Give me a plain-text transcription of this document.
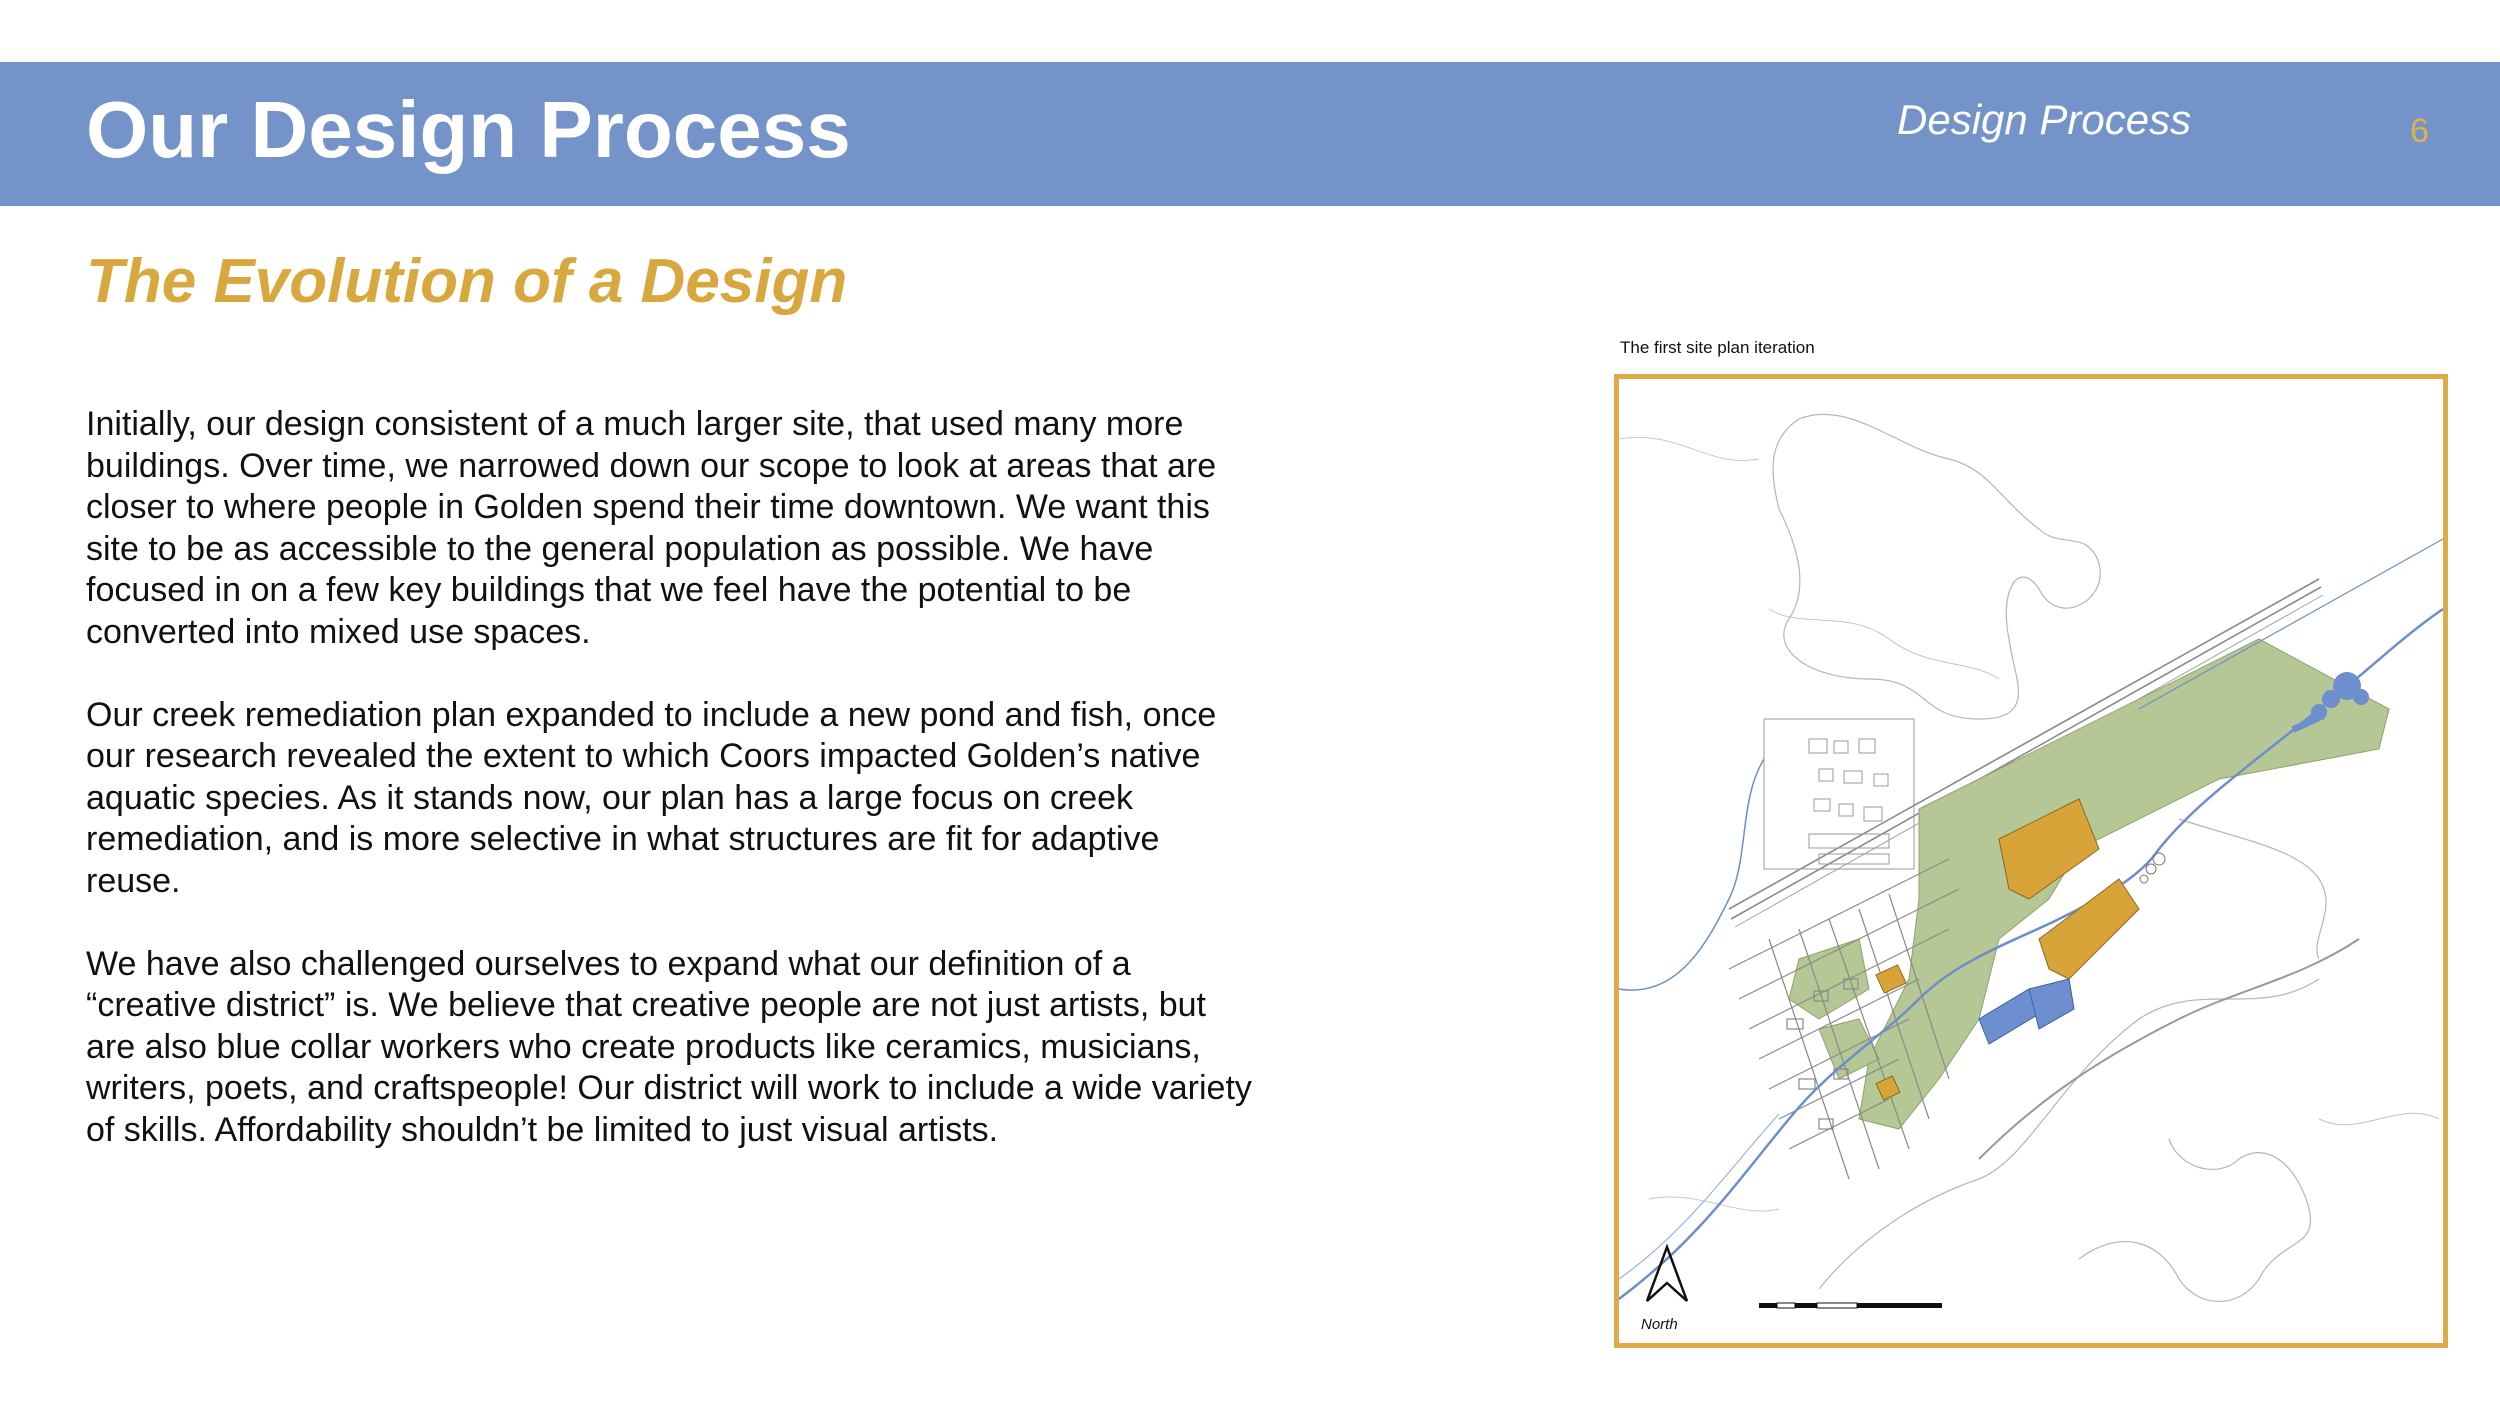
Our Design Process	Design Process	6
The Evolution of a Design

Initially, our design consistent of a much larger site, that used many more buildings. Over time, we narrowed down our scope to look at areas that are closer to where people in Golden spend their time downtown. We want this site to be as accessible to the general population as possible. We have focused in on a few key buildings that we feel have the potential to be converted into mixed use spaces.

Our creek remediation plan expanded to include a new pond and fish, once our research revealed the extent to which Coors impacted Golden’s native aquatic species. As it stands now, our plan has a large focus on creek remediation, and is more selective in what structures are fit for adaptive reuse.

We have also challenged ourselves to expand what our definition of a “creative district” is. We believe that creative people are not just artists, but are also blue collar workers who create products like ceramics, musicians, writers, poets, and craftspeople! Our district will work to include a wide variety of skills. Affordability shouldn’t be limited to just visual artists.

The first site plan iteration
North
